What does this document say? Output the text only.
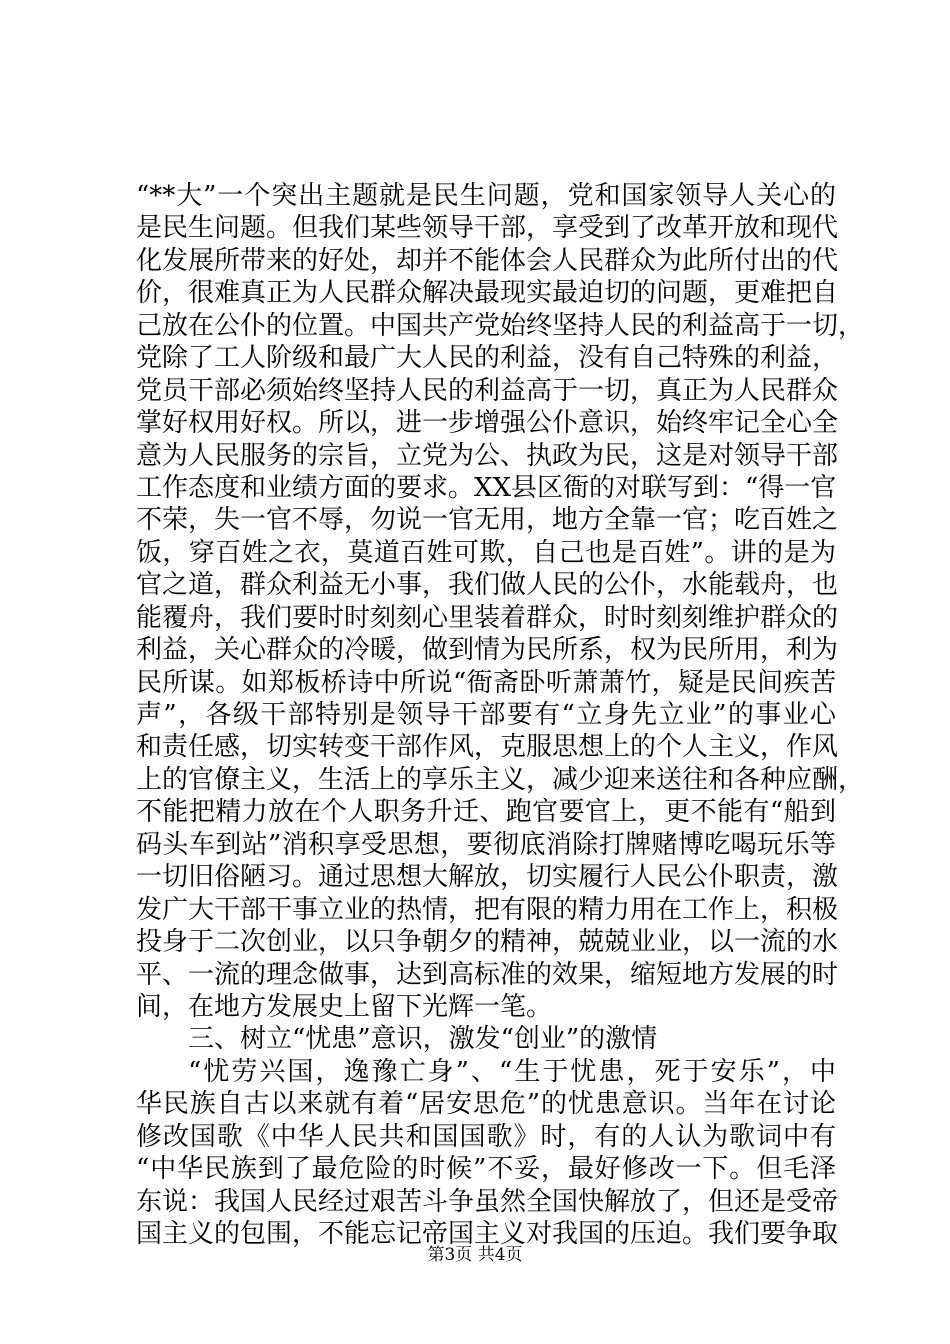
“**大”一个突出主题就是民生问题，党和国家领导人关心的
是民生问题。但我们某些领导干部，享受到了改革开放和现代
化发展所带来的好处，却并不能体会人民群众为此所付出的代
价，很难真正为人民群众解决最现实最迫切的问题，更难把自
己放在公仆的位置。中国共产党始终坚持人民的利益高于一切，
党除了工人阶级和最广大人民的利益，没有自己特殊的利益，
党员干部必须始终坚持人民的利益高于一切，真正为人民群众
掌好权用好权。所以，进一步增强公仆意识，始终牢记全心全
意为人民服务的宗旨，立党为公、执政为民，这是对领导干部
工作态度和业绩方面的要求。XX县区衙的对联写到：“得一官
不荣，失一官不辱，勿说一官无用，地方全靠一官；吃百姓之
饭，穿百姓之衣，莫道百姓可欺，自己也是百姓”。讲的是为
官之道，群众利益无小事，我们做人民的公仆，水能载舟，也
能覆舟，我们要时时刻刻心里装着群众，时时刻刻维护群众的
利益，关心群众的冷暖，做到情为民所系，权为民所用，利为
民所谋。如郑板桥诗中所说“衙斋卧听萧萧竹，疑是民间疾苦
声”，各级干部特别是领导干部要有“立身先立业”的事业心
和责任感，切实转变干部作风，克服思想上的个人主义，作风
上的官僚主义，生活上的享乐主义，减少迎来送往和各种应酬，
不能把精力放在个人职务升迁、跑官要官上，更不能有“船到
码头车到站”消积享受思想，要彻底消除打牌赌博吃喝玩乐等
一切旧俗陋习。通过思想大解放，切实履行人民公仆职责，激
发广大干部干事立业的热情，把有限的精力用在工作上，积极
投身于二次创业，以只争朝夕的精神，兢兢业业，以一流的水
平、一流的理念做事，达到高标准的效果，缩短地方发展的时
间，在地方发展史上留下光辉一笔。
三、树立“忧患”意识，激发“创业”的激情
“忧劳兴国，逸豫亡身”、“生于忧患，死于安乐”，中
华民族自古以来就有着“居安思危”的忧患意识。当年在讨论
修改国歌《中华人民共和国国歌》时，有的人认为歌词中有
“中华民族到了最危险的时候”不妥，最好修改一下。但毛泽
东说：我国人民经过艰苦斗争虽然全国快解放了，但还是受帝
国主义的包围，不能忘记帝国主义对我国的压迫。我们要争取
第3页 共4页
